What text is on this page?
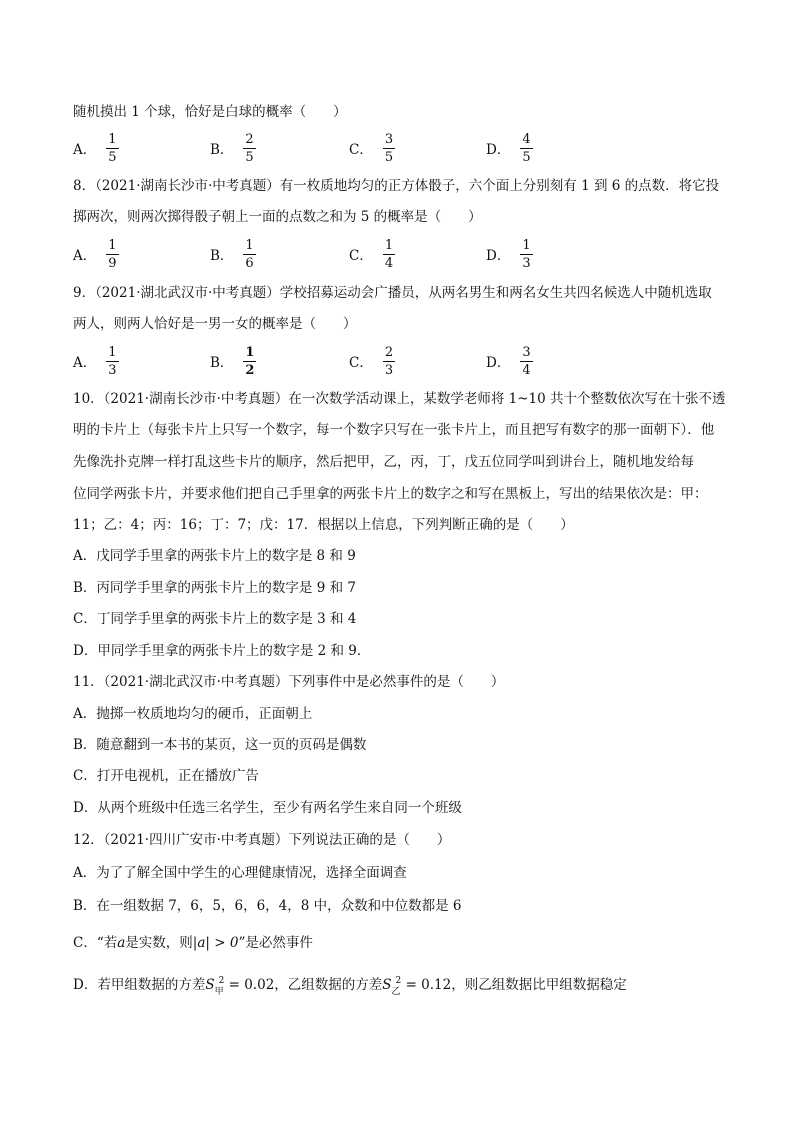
随机摸出 1 个球，恰好是白球的概率（　　）
A． $\frac{1}{5}$	B． $\frac{2}{5}$	C． $\frac{3}{5}$	D． $\frac{4}{5}$
8．（2021·湖南长沙市·中考真题）有一枚质地均匀的正方体骰子，六个面上分别刻有 1 到 6 的点数．将它投
掷两次，则两次掷得骰子朝上一面的点数之和为 5 的概率是（　　）
A． $\frac{1}{9}$	B． $\frac{1}{6}$	C． $\frac{1}{4}$	D． $\frac{1}{3}$
9．（2021·湖北武汉市·中考真题）学校招募运动会广播员，从两名男生和两名女生共四名候选人中随机选取
两人，则两人恰好是一男一女的概率是（　　）
A． $\frac{1}{3}$	B． $\frac{1}{2}$	C． $\frac{2}{3}$	D． $\frac{3}{4}$
10．（2021·湖南长沙市·中考真题）在一次数学活动课上，某数学老师将 1~10 共十个整数依次写在十张不透
明的卡片上（每张卡片上只写一个数字，每一个数字只写在一张卡片上，而且把写有数字的那一面朝下）．他
先像洗扑克牌一样打乱这些卡片的顺序，然后把甲，乙，丙，丁，戊五位同学叫到讲台上，随机地发给每
位同学两张卡片，并要求他们把自己手里拿的两张卡片上的数字之和写在黑板上，写出的结果依次是：甲：
11；乙：4；丙：16；丁：7；戊：17．根据以上信息，下列判断正确的是（　　）
A．戊同学手里拿的两张卡片上的数字是 8 和 9
B．丙同学手里拿的两张卡片上的数字是 9 和 7
C．丁同学手里拿的两张卡片上的数字是 3 和 4
D．甲同学手里拿的两张卡片上的数字是 2 和 9．
11．（2021·湖北武汉市·中考真题）下列事件中是必然事件的是（　　）
A．抛掷一枚质地均匀的硬币，正面朝上
B．随意翻到一本书的某页，这一页的页码是偶数
C．打开电视机，正在播放广告
D．从两个班级中任选三名学生，至少有两名学生来自同一个班级
12．（2021·四川广安市·中考真题）下列说法正确的是（　　）
A．为了了解全国中学生的心理健康情况，选择全面调查
B．在一组数据 7，6，5，6，6，4，8 中，众数和中位数都是 6
C．“若a是实数，则|a| > 0”是必然事件
D．若甲组数据的方差$S_甲^2 = 0.02$，乙组数据的方差$S_乙^2 = 0.12$，则乙组数据比甲组数据稳定
